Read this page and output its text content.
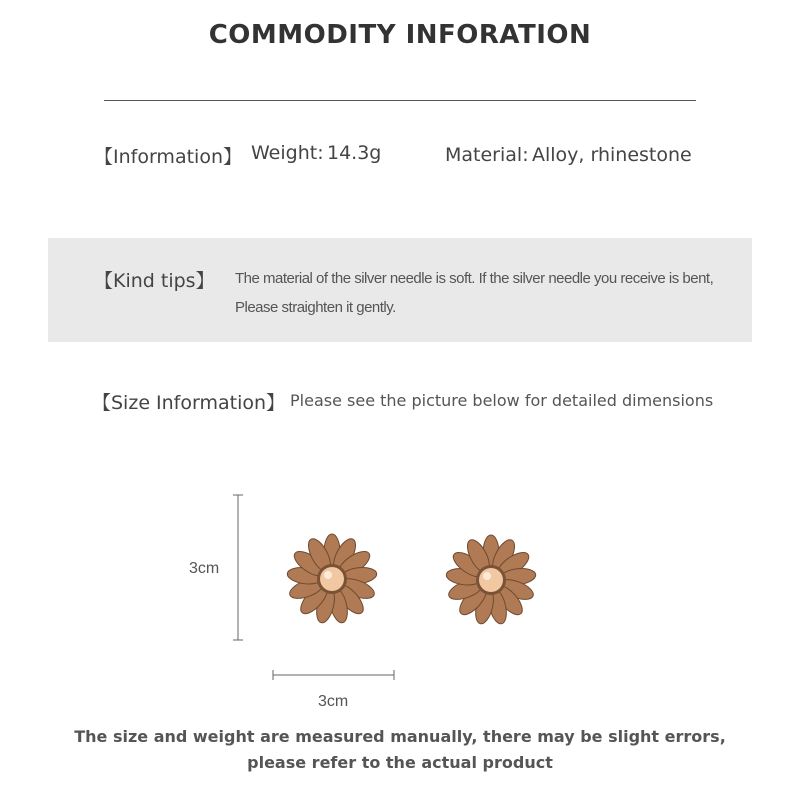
COMMODITY INFORATION
【Information】 Weight: 14.3g	Material: Alloy, rhinestone
【Kind tips】 The material of the silver needle is soft. If the silver needle you receive is bent,
Please straighten it gently.
【Size Information】 Please see the picture below for detailed dimensions
3cm
3cm
The size and weight are measured manually, there may be slight errors,
please refer to the actual product
